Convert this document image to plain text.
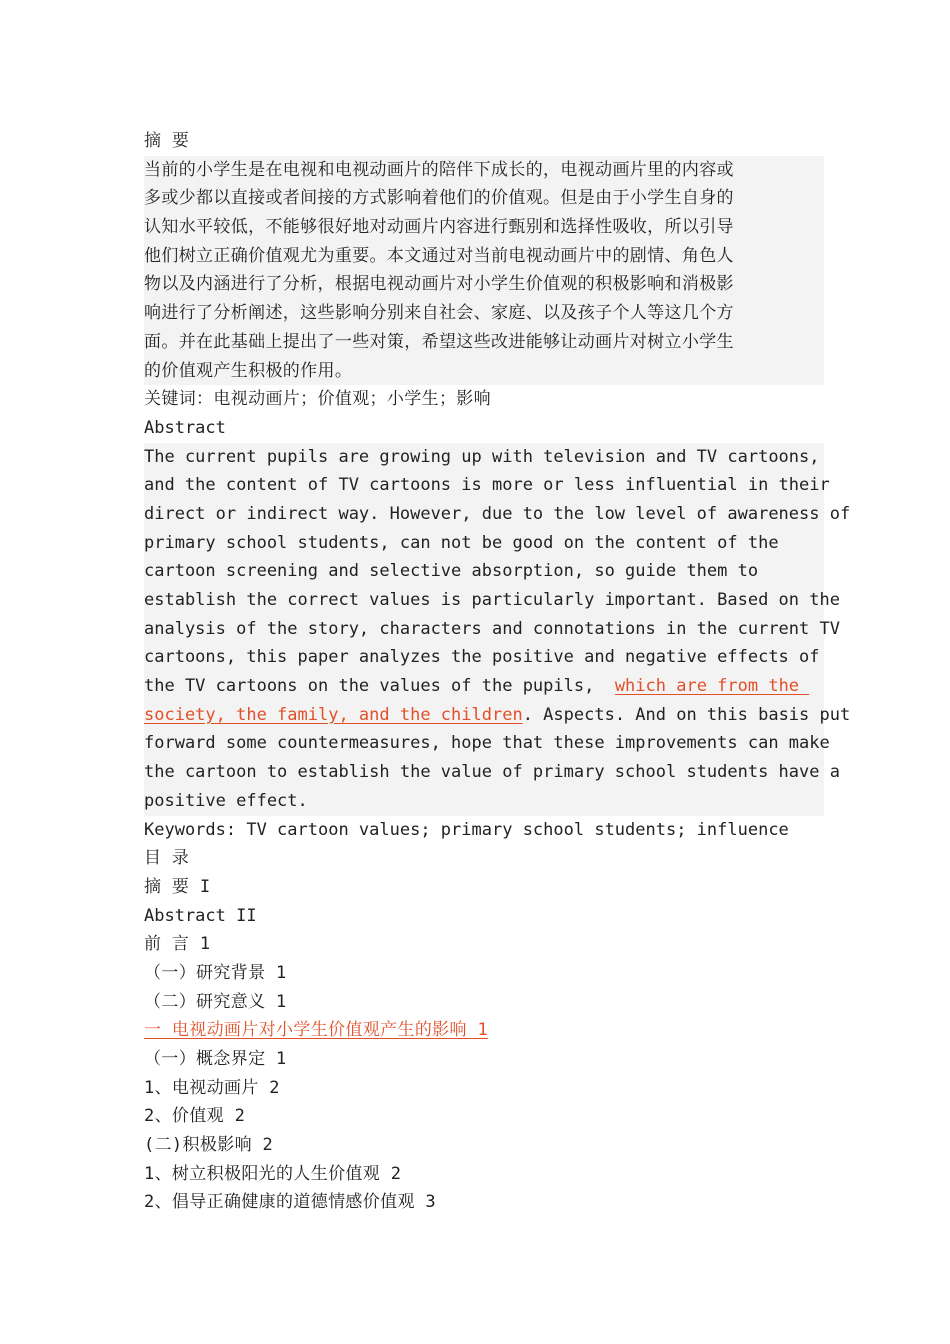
摘 要
当前的小学生是在电视和电视动画片的陪伴下成长的，电视动画片里的内容或
多或少都以直接或者间接的方式影响着他们的价值观。但是由于小学生自身的
认知水平较低，不能够很好地对动画片内容进行甄别和选择性吸收，所以引导
他们树立正确价值观尤为重要。本文通过对当前电视动画片中的剧情、角色人
物以及内涵进行了分析，根据电视动画片对小学生价值观的积极影响和消极影
响进行了分析阐述，这些影响分别来自社会、家庭、以及孩子个人等这几个方
面。并在此基础上提出了一些对策，希望这些改进能够让动画片对树立小学生
的价值观产生积极的作用。
关键词：电视动画片；价值观；小学生；影响
Abstract
The current pupils are growing up with television and TV cartoons,
and the content of TV cartoons is more or less influential in their
direct or indirect way. However, due to the low level of awareness of
primary school students, can not be good on the content of the
cartoon screening and selective absorption, so guide them to
establish the correct values is particularly important. Based on the
analysis of the story, characters and connotations in the current TV
cartoons, this paper analyzes the positive and negative effects of
the TV cartoons on the values of the pupils,  which are from the
society, the family, and the children. Aspects. And on this basis put
forward some countermeasures, hope that these improvements can make
the cartoon to establish the value of primary school students have a
positive effect.
Keywords: TV cartoon values; primary school students; influence
目 录
摘 要 I
Abstract II
前 言 1
（一）研究背景 1
（二）研究意义 1
一 电视动画片对小学生价值观产生的影响 1
（一）概念界定 1
1、电视动画片 2
2、价值观 2
(二)积极影响 2
1、树立积极阳光的人生价值观 2
2、倡导正确健康的道德情感价值观 3
